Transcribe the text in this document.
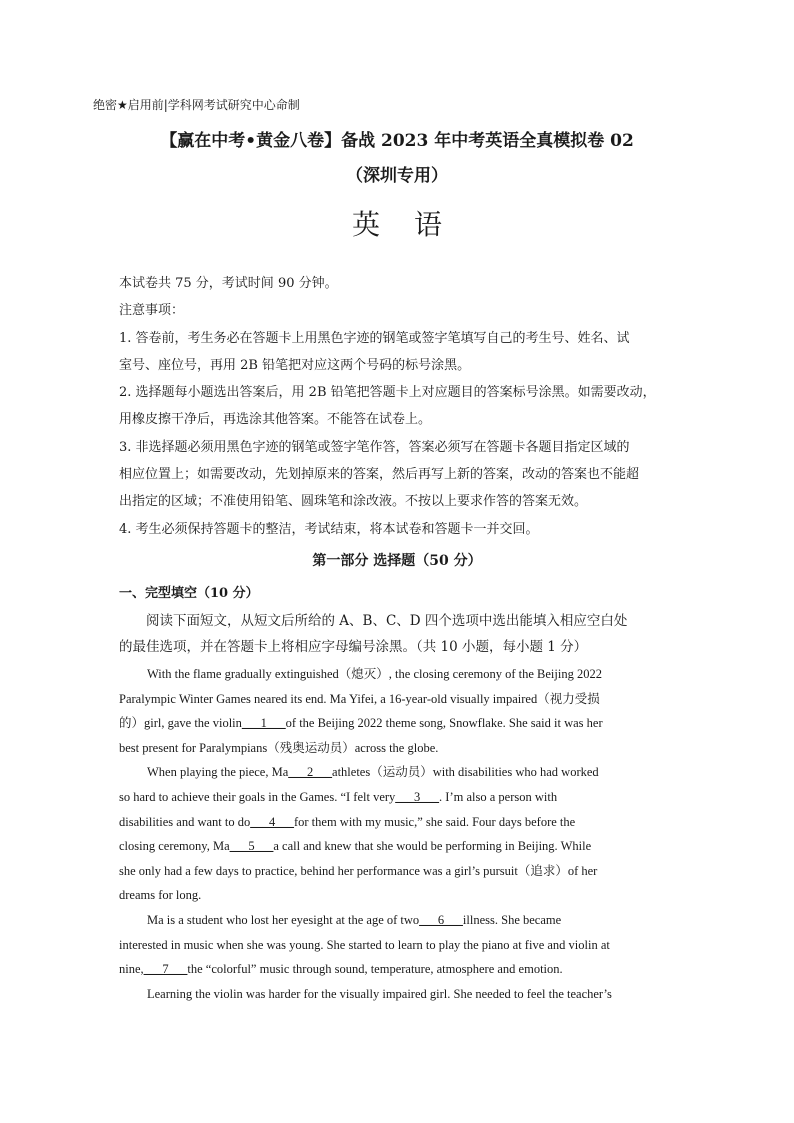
绝密★启用前|学科网考试研究中心命制
【赢在中考•黄金八卷】备战 2023 年中考英语全真模拟卷 02
（深圳专用）
英语
本试卷共 75 分，考试时间 90 分钟。
注意事项：
1. 答卷前，考生务必在答题卡上用黑色字迹的钢笔或签字笔填写自己的考生号、姓名、试
室号、座位号，再用 2B 铅笔把对应这两个号码的标号涂黑。
2. 选择题每小题选出答案后，用 2B 铅笔把答题卡上对应题目的答案标号涂黑。如需要改动，
用橡皮擦干净后，再选涂其他答案。不能答在试卷上。
3. 非选择题必须用黑色字迹的钢笔或签字笔作答，答案必须写在答题卡各题目指定区域的
相应位置上；如需要改动，先划掉原来的答案，然后再写上新的答案，改动的答案也不能超
出指定的区域；不准使用铅笔、圆珠笔和涂改液。不按以上要求作答的答案无效。
4. 考生必须保持答题卡的整洁，考试结束，将本试卷和答题卡一并交回。
第一部分 选择题（50 分）
一、完型填空（10 分）
阅读下面短文，从短文后所给的 A、B、C、D 四个选项中选出能填入相应空白处
的最佳选项，并在答题卡上将相应字母编号涂黑。（共 10 小题，每小题 1 分）
With the flame gradually extinguished（熄灭）, the closing ceremony of the Beijing 2022
Paralympic Winter Games neared its end. Ma Yifei, a 16-year-old visually impaired（视力受损
的）girl, gave the violin ___1___ of the Beijing 2022 theme song, Snowflake. She said it was her
best present for Paralympians（残奥运动员）across the globe.
When playing the piece, Ma ___2___ athletes（运动员）with disabilities who had worked
so hard to achieve their goals in the Games. “I felt very ___3___ . I’m also a person with
disabilities and want to do ___4___ for them with my music,” she said. Four days before the
closing ceremony, Ma ___5___ a call and knew that she would be performing in Beijing. While
she only had a few days to practice, behind her performance was a girl’s pursuit（追求）of her
dreams for long.
Ma is a student who lost her eyesight at the age of two ___6___ illness. She became
interested in music when she was young. She started to learn to play the piano at five and violin at
nine, ___7___ the “colorful” music through sound, temperature, atmosphere and emotion.
Learning the violin was harder for the visually impaired girl. She needed to feel the teacher’s
